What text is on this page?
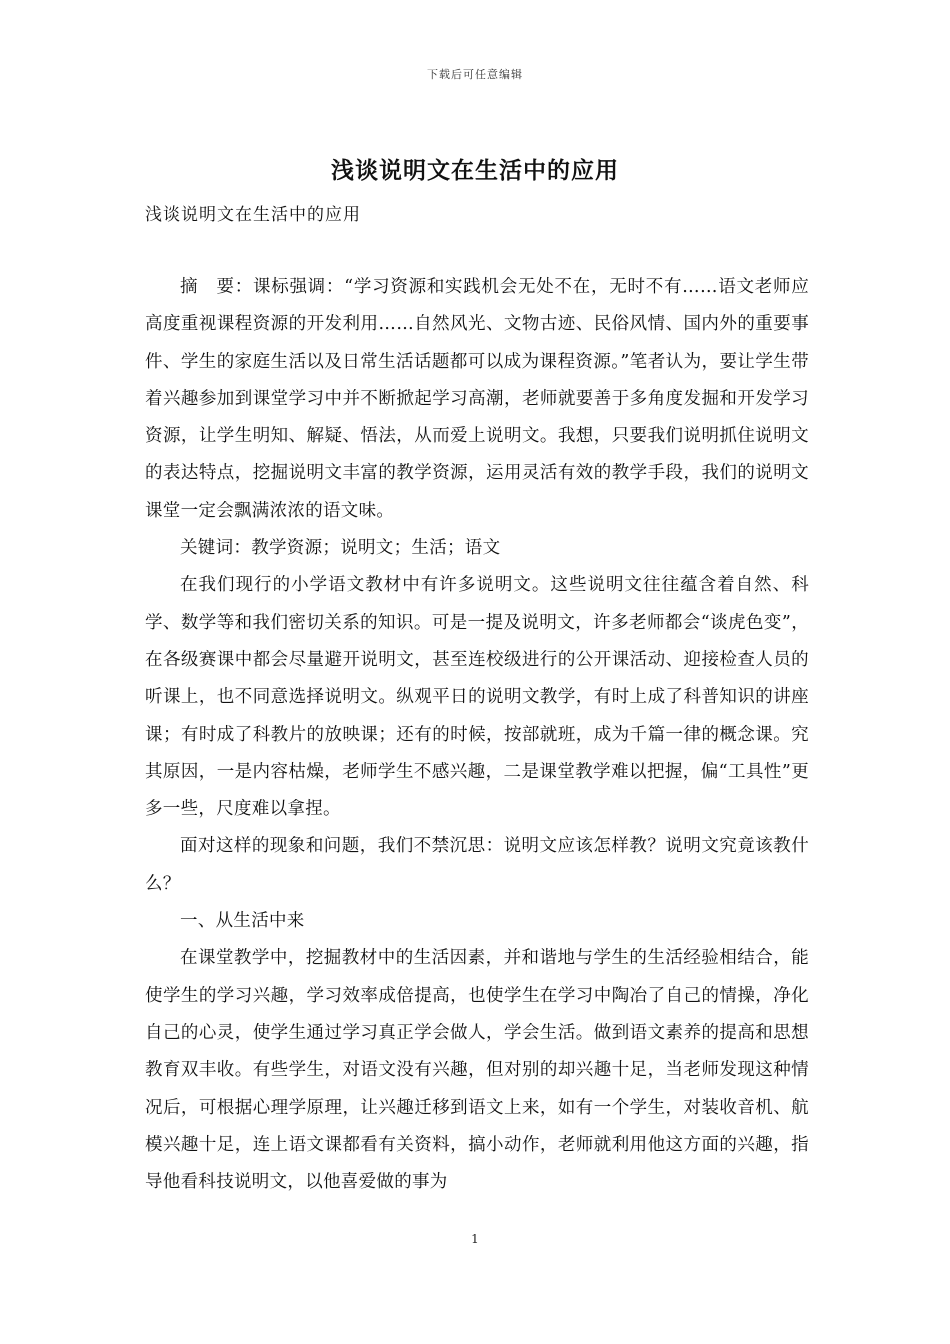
下载后可任意编辑
浅谈说明文在生活中的应用
浅谈说明文在生活中的应用

摘　要：课标强调：“学习资源和实践机会无处不在，无时不有……语文老师应高度重视课程资源的开发利用……自然风光、文物古迹、民俗风情、国内外的重要事件、学生的家庭生活以及日常生活话题都可以成为课程资源。”笔者认为，要让学生带着兴趣参加到课堂学习中并不断掀起学习高潮，老师就要善于多角度发掘和开发学习资源，让学生明知、解疑、悟法，从而爱上说明文。我想，只要我们说明抓住说明文的表达特点，挖掘说明文丰富的教学资源，运用灵活有效的教学手段，我们的说明文课堂一定会飘满浓浓的语文味。

关键词：教学资源；说明文；生活；语文

在我们现行的小学语文教材中有许多说明文。这些说明文往往蕴含着自然、科学、数学等和我们密切关系的知识。可是一提及说明文，许多老师都会“谈虎色变”，在各级赛课中都会尽量避开说明文，甚至连校级进行的公开课活动、迎接检查人员的听课上，也不同意选择说明文。纵观平日的说明文教学，有时上成了科普知识的讲座课；有时成了科教片的放映课；还有的时候，按部就班，成为千篇一律的概念课。究其原因，一是内容枯燥，老师学生不感兴趣，二是课堂教学难以把握，偏“工具性”更多一些，尺度难以拿捏。

面对这样的现象和问题，我们不禁沉思：说明文应该怎样教？说明文究竟该教什么？

一、从生活中来

在课堂教学中，挖掘教材中的生活因素，并和谐地与学生的生活经验相结合，能使学生的学习兴趣，学习效率成倍提高，也使学生在学习中陶冶了自己的情操，净化自己的心灵，使学生通过学习真正学会做人，学会生活。做到语文素养的提高和思想教育双丰收。有些学生，对语文没有兴趣，但对别的却兴趣十足，当老师发现这种情况后，可根据心理学原理，让兴趣迁移到语文上来，如有一个学生，对装收音机、航模兴趣十足，连上语文课都看有关资料，搞小动作，老师就利用他这方面的兴趣，指导他看科技说明文，以他喜爱做的事为

1
